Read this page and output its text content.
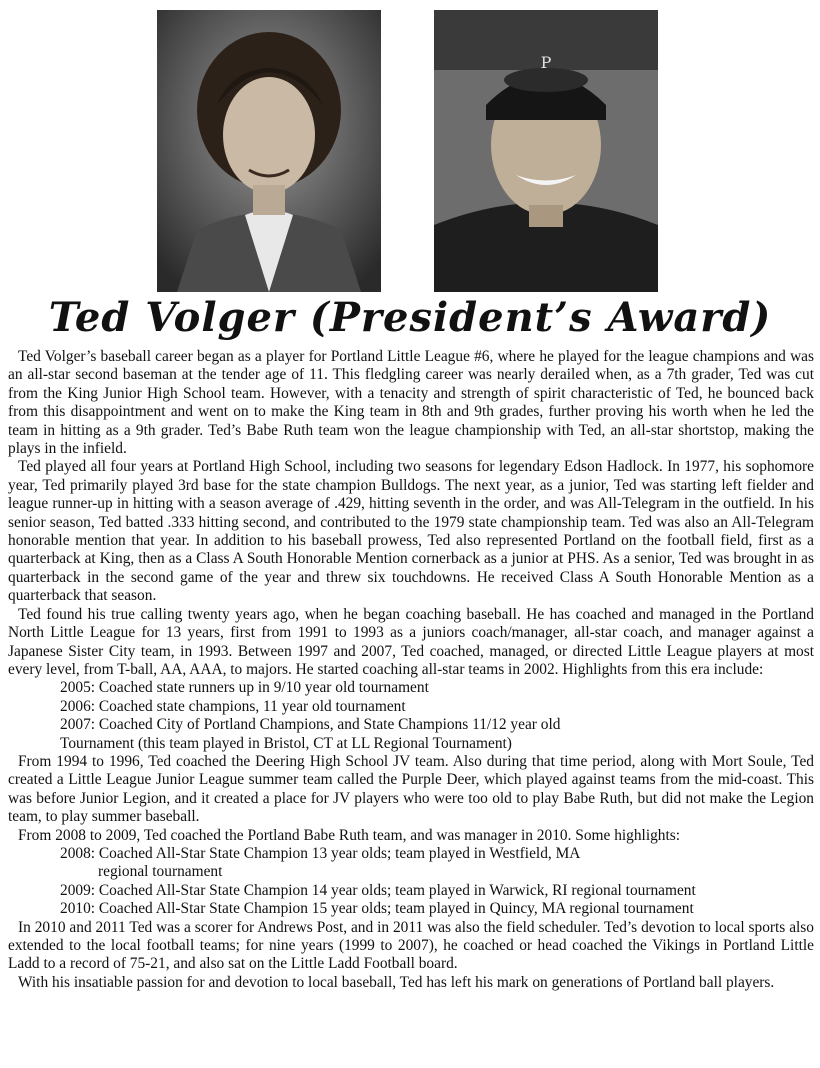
P
Ted Volger (President’s Award)

Ted Volger’s baseball career began as a player for Portland Little League #6, where he played for the league champions and was an all-star second baseman at the tender age of 11. This fledgling career was nearly derailed when, as a 7th grader, Ted was cut from the King Junior High School team. However, with a tenacity and strength of spirit characteristic of Ted, he bounced back from this disappointment and went on to make the King team in 8th and 9th grades, further proving his worth when he led the team in hitting as a 9th grader. Ted’s Babe Ruth team won the league championship with Ted, an all-star shortstop, making the plays in the infield.

Ted played all four years at Portland High School, including two seasons for legendary Edson Hadlock. In 1977, his sophomore year, Ted primarily played 3rd base for the state champion Bulldogs. The next year, as a junior, Ted was starting left fielder and league runner-up in hitting with a season average of .429, hitting seventh in the order, and was All-Telegram in the outfield. In his senior season, Ted batted .333 hitting second, and contributed to the 1979 state championship team. Ted was also an All-Telegram honorable mention that year. In addition to his baseball prowess, Ted also represented Portland on the football field, first as a quarterback at King, then as a Class A South Honorable Mention cornerback as a junior at PHS. As a senior, Ted was brought in as quarterback in the second game of the year and threw six touchdowns. He received Class A South Honorable Mention as a quarterback that season.

Ted found his true calling twenty years ago, when he began coaching baseball. He has coached and managed in the Portland North Little League for 13 years, first from 1991 to 1993 as a juniors coach/manager, all-star coach, and manager against a Japanese Sister City team, in 1993. Between 1997 and 2007, Ted coached, managed, or directed Little League players at most every level, from T-ball, AA, AAA, to majors. He started coaching all-star teams in 2002. Highlights from this era include:

2005: Coached state runners up in 9/10 year old tournament
2006: Coached state champions, 11 year old tournament
2007: Coached City of Portland Champions, and State Champions 11/12 year old
Tournament (this team played in Bristol, CT at LL Regional Tournament)

From 1994 to 1996, Ted coached the Deering High School JV team. Also during that time period, along with Mort Soule, Ted created a Little League Junior League summer team called the Purple Deer, which played against teams from the mid-coast. This was before Junior Legion, and it created a place for JV players who were too old to play Babe Ruth, but did not make the Legion team, to play summer baseball.

From 2008 to 2009, Ted coached the Portland Babe Ruth team, and was manager in 2010. Some highlights:

2008: Coached All-Star State Champion 13 year olds; team played in Westfield, MA
regional tournament
2009: Coached All-Star State Champion 14 year olds; team played in Warwick, RI regional tournament
2010: Coached All-Star State Champion 15 year olds; team played in Quincy, MA regional tournament

In 2010 and 2011 Ted was a scorer for Andrews Post, and in 2011 was also the field scheduler. Ted’s devotion to local sports also extended to the local football teams; for nine years (1999 to 2007), he coached or head coached the Vikings in Portland Little Ladd to a record of 75-21, and also sat on the Little Ladd Football board.

With his insatiable passion for and devotion to local baseball, Ted has left his mark on generations of Portland ball players.
